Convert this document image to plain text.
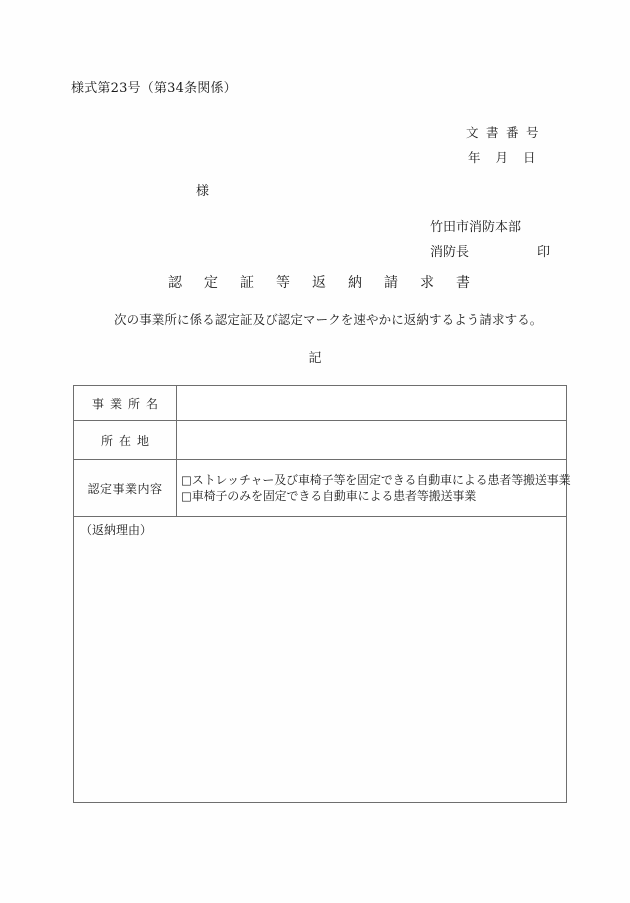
様式第23号（第34条関係）
文書番号
年月日
様
竹田市消防本部
消防長	印
認定証等返納請求書
次の事業所に係る認定証及び認定マークを速やかに返納するよう請求する。
記
事業所名	
所在地	
認定事業内容	□ストレッチャー及び車椅子等を固定できる自動車による患者等搬送事業
□車椅子のみを固定できる自動車による患者等搬送事業

（返納理由）	
